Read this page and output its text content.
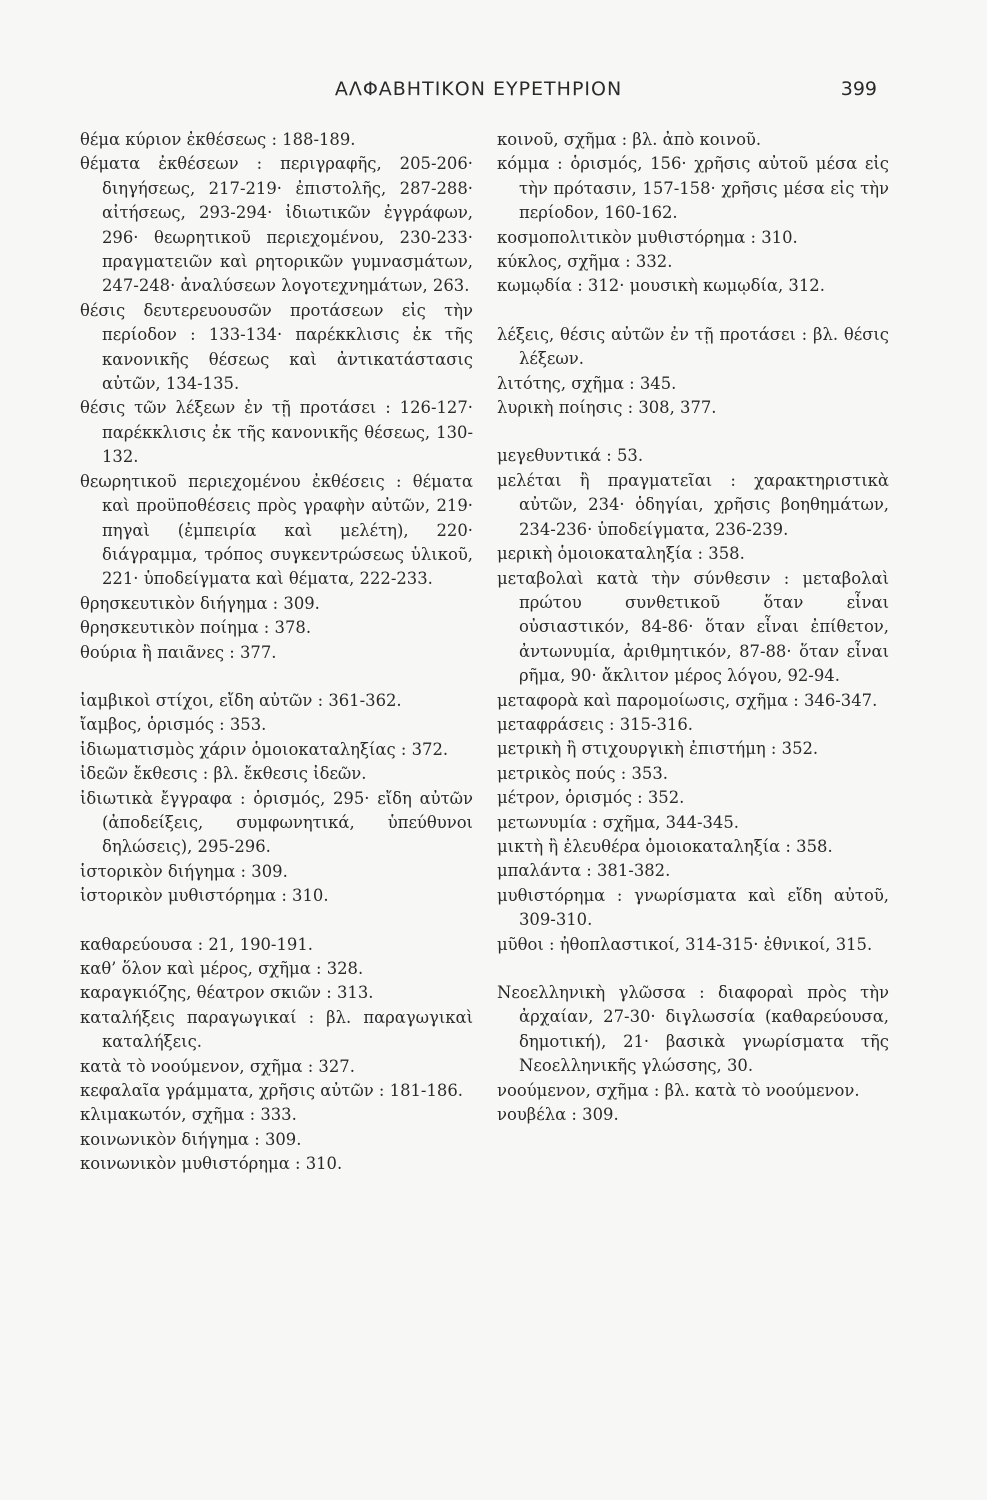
ΑΛΦΑΒΗΤΙΚΟΝ ΕΥΡΕΤΗΡΙΟΝ	399

θέμα κύριον ἐκθέσεως : 188-189.

θέματα ἐκθέσεων : περιγραφῆς, 205-206· διηγήσεως, 217-219· ἐπιστολῆς, 287-288· αἰτήσεως, 293-294· ἰδιωτικῶν ἐγγράφων, 296· θεωρητικοῦ περιεχομένου, 230-233· πραγματειῶν καὶ ρητορικῶν γυμνασμάτων, 247-248· ἀναλύσεων λογοτεχνημάτων, 263.

θέσις δευτερευουσῶν προτάσεων εἰς τὴν περίοδον : 133-134· παρέκκλισις ἐκ τῆς κανονικῆς θέσεως καὶ ἀντικατάστασις αὐτῶν, 134-135.

θέσις τῶν λέξεων ἐν τῇ προτάσει : 126-127· παρέκκλισις ἐκ τῆς κανονικῆς θέσεως, 130-132.

θεωρητικοῦ περιεχομένου ἐκθέσεις : θέματα καὶ προϋποθέσεις πρὸς γραφὴν αὐτῶν, 219· πηγαὶ (ἐμπειρία καὶ μελέτη), 220· διάγραμμα, τρόπος συγκεντρώσεως ὑλικοῦ, 221· ὑποδείγματα καὶ θέματα, 222-233.

θρησκευτικὸν διήγημα : 309.

θρησκευτικὸν ποίημα : 378.

θούρια ἢ παιᾶνες : 377.

ἰαμβικοὶ στίχοι, εἴδη αὐτῶν : 361-362.

ἴαμβος, ὁρισμός : 353.

ἰδιωματισμὸς χάριν ὁμοιοκαταληξίας : 372.

ἰδεῶν ἔκθεσις : βλ. ἔκθεσις ἰδεῶν.

ἰδιωτικὰ ἔγγραφα : ὁρισμός, 295· εἴδη αὐτῶν (ἀποδείξεις, συμφωνητικά, ὑπεύθυνοι δηλώσεις), 295-296.

ἱστορικὸν διήγημα : 309.

ἱστορικὸν μυθιστόρημα : 310.

καθαρεύουσα : 21, 190-191.

καθ’ ὅλον καὶ μέρος, σχῆμα : 328.

καραγκιόζης, θέατρον σκιῶν : 313.

καταλήξεις παραγωγικαί : βλ. παραγωγικαὶ καταλήξεις.

κατὰ τὸ νοούμενον, σχῆμα : 327.

κεφαλαῖα γράμματα, χρῆσις αὐτῶν : 181-186.

κλιμακωτόν, σχῆμα : 333.

κοινωνικὸν διήγημα : 309.

κοινωνικὸν μυθιστόρημα : 310.

κοινοῦ, σχῆμα : βλ. ἀπὸ κοινοῦ.

κόμμα : ὁρισμός, 156· χρῆσις αὐτοῦ μέσα εἰς τὴν πρότασιν, 157-158· χρῆσις μέσα εἰς τὴν περίοδον, 160-162.

κοσμοπολιτικὸν μυθιστόρημα : 310.

κύκλος, σχῆμα : 332.

κωμῳδία : 312· μουσικὴ κωμῳδία, 312.

λέξεις, θέσις αὐτῶν ἐν τῇ προτάσει : βλ. θέσις λέξεων.

λιτότης, σχῆμα : 345.

λυρικὴ ποίησις : 308, 377.

μεγεθυντικά : 53.

μελέται ἢ πραγματεῖαι : χαρακτηριστικὰ αὐτῶν, 234· ὁδηγίαι, χρῆσις βοηθημάτων, 234-236· ὑποδείγματα, 236-239.

μερικὴ ὁμοιοκαταληξία : 358.

μεταβολαὶ κατὰ τὴν σύνθεσιν : μεταβολαὶ πρώτου συνθετικοῦ ὅταν εἶναι οὐσιαστικόν, 84-86· ὅταν εἶναι ἐπίθετον, ἀντωνυμία, ἀριθμητικόν, 87-88· ὅταν εἶναι ρῆμα, 90· ἄκλιτον μέρος λόγου, 92-94.

μεταφορὰ καὶ παρομοίωσις, σχῆμα : 346-347.

μεταφράσεις : 315-316.

μετρικὴ ἢ στιχουργικὴ ἐπιστήμη : 352.

μετρικὸς πούς : 353.

μέτρον, ὁρισμός : 352.

μετωνυμία : σχῆμα, 344-345.

μικτὴ ἢ ἐλευθέρα ὁμοιοκαταληξία : 358.

μπαλάντα : 381-382.

μυθιστόρημα : γνωρίσματα καὶ εἴδη αὐτοῦ, 309-310.

μῦθοι : ἠθοπλαστικοί, 314-315· ἐθνικοί, 315.

Νεοελληνικὴ γλῶσσα : διαφοραὶ πρὸς τὴν ἀρχαίαν, 27-30· διγλωσσία (καθαρεύουσα, δημοτική), 21· βασικὰ γνωρίσματα τῆς Νεοελληνικῆς γλώσσης, 30.

νοούμενον, σχῆμα : βλ. κατὰ τὸ νοούμενον.

νουβέλα : 309.
